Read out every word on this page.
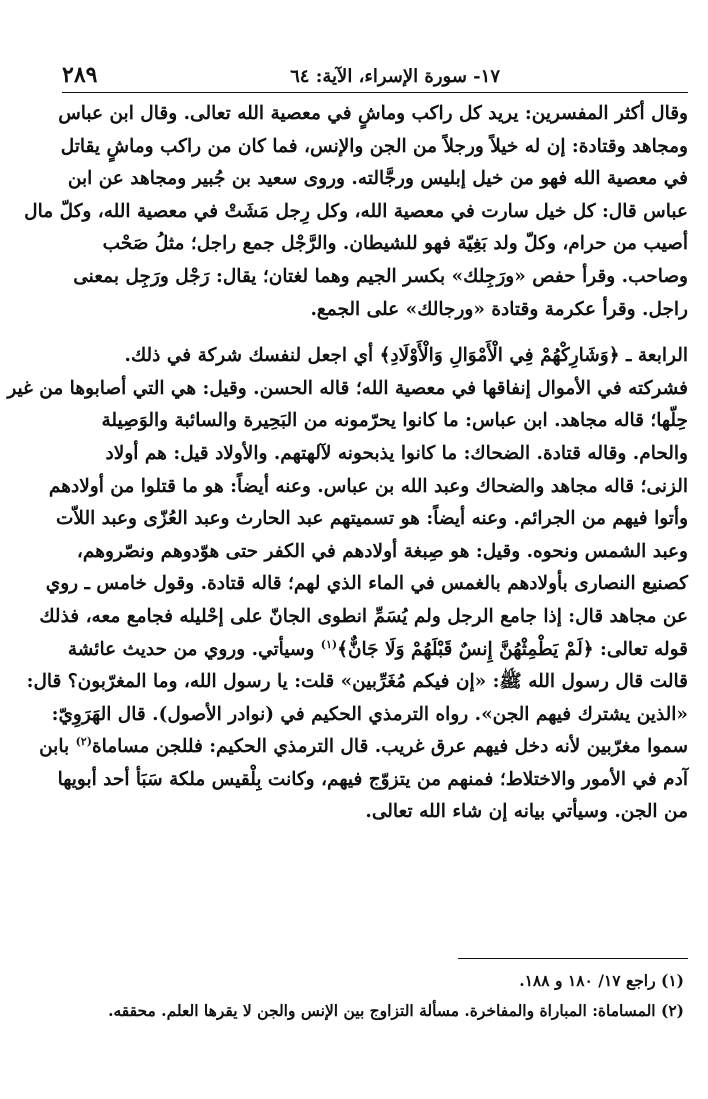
١٧- سورة الإسراء، الآية: ٦٤
٢٨٩
وقال أكثر المفسرين: يريد كل راكب وماشٍ في معصية الله تعالى. وقال ابن عباس
ومجاهد وقتادة: إن له خيلاً ورجلاً من الجن والإنس، فما كان من راكب وماشٍ يقاتل
في معصية الله فهو من خيل إبليس ورجَّالته. وروى سعيد بن جُبير ومجاهد عن ابن
عباس قال: كل خيل سارت في معصية الله، وكل رِجل مَشَتْ في معصية الله، وكلّ مال
أصيب من حرام، وكلّ ولد بَغِيّة فهو للشيطان. والرَّجْل جمع راجل؛ مثلُ صَحْب
وصاحب. وقرأ حفص «ورَجِلك» بكسر الجيم وهما لغتان؛ يقال: رَجْل ورَجِل بمعنى
راجل. وقرأ عكرمة وقتادة «ورجالك» على الجمع.
الرابعة ـ ﴿وَشَارِكْهُمْ فِي الْأَمْوَالِ وَالْأَوْلَادِ﴾ أي اجعل لنفسك شركة في ذلك.
فشركته في الأموال إنفاقها في معصية الله؛ قاله الحسن. وقيل: هي التي أصابوها من غير
حِلّها؛ قاله مجاهد. ابن عباس: ما كانوا يحرّمونه من البَحِيرة والسائبة والوَصِيلة
والحام. وقاله قتادة. الضحاك: ما كانوا يذبحونه لآلهتهم. والأولاد قيل: هم أولاد
الزنى؛ قاله مجاهد والضحاك وعبد الله بن عباس. وعنه أيضاً: هو ما قتلوا من أولادهم
وأتوا فيهم من الجرائم. وعنه أيضاً: هو تسميتهم عبد الحارث وعبد العُزّى وعبد اللاّت
وعبد الشمس ونحوه. وقيل: هو صِبغة أولادهم في الكفر حتى هوّدوهم ونصّروهم،
كصنيع النصارى بأولادهم بالغمس في الماء الذي لهم؛ قاله قتادة. وقول خامس ـ روي
عن مجاهد قال: إذا جامع الرجل ولم يُسَمِّ انطوى الجانّ على إحْليله فجامع معه، فذلك
قوله تعالى: ﴿لَمْ يَطْمِثْهُنَّ إِنسٌ قَبْلَهُمْ وَلَا جَانٌّ﴾$^{(١)}$ وسيأتي. وروي من حديث عائشة
قالت قال رسول الله ﷺ: «إن فيكم مُغَرِّبين» قلت: يا رسول الله، وما المغرّبون؟ قال:
«الذين يشترك فيهم الجن». رواه الترمذي الحكيم في (نوادر الأصول). قال الهَرَوِيّ:
سموا مغرّبين لأنه دخل فيهم عرق غريب. قال الترمذي الحكيم: فللجن مساماة$^{(٢)}$ بابن
آدم في الأمور والاختلاط؛ فمنهم من يتزوّج فيهم، وكانت بِلْقيس ملكة سَبَأ أحد أبويها
من الجن. وسيأتي بيانه إن شاء الله تعالى.
(١) راجع ١٧/ ١٨٠ و ١٨٨.
(٢) المساماة: المباراة والمفاخرة. مسألة التزاوج بين الإنس والجن لا يقرها العلم. محققه.
